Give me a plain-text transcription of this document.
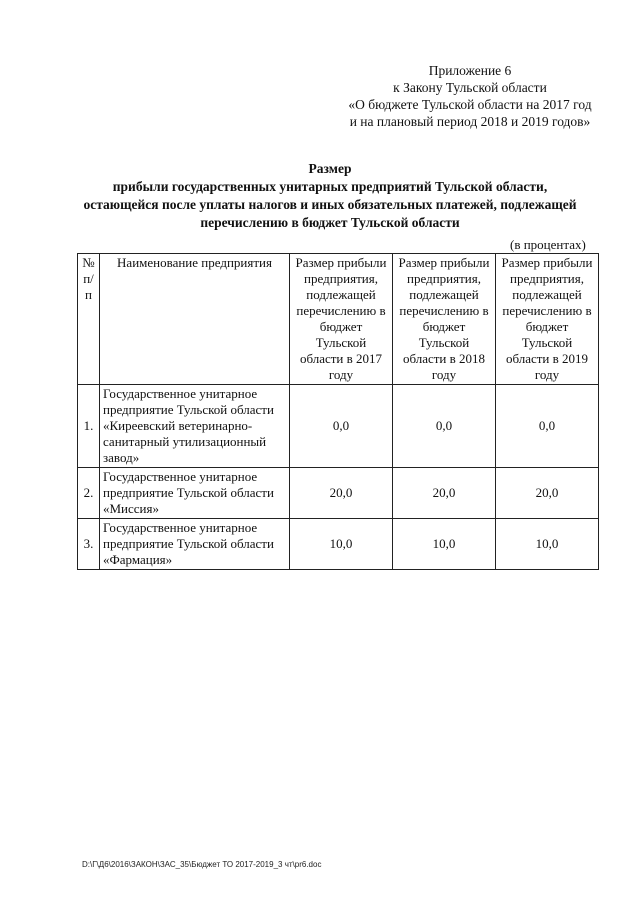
Приложение 6
к Закону Тульской области
«О бюджете Тульской области на 2017 год
и на плановый период 2018 и 2019 годов»
Размер
прибыли государственных унитарных предприятий Тульской области,
остающейся после уплаты налогов и иных обязательных платежей, подлежащей
перечислению в бюджет Тульской области
(в процентах)
№ п/п	Наименование предприятия	Размер прибыли предприятия, подлежащей перечислению в бюджет Тульской области в 2017 году	Размер прибыли предприятия, подлежащей перечислению в бюджет Тульской области в 2018 году	Размер прибыли предприятия, подлежащей перечислению в бюджет Тульской области в 2019 году
1.	Государственное унитарное предприятие Тульской области «Киреевский ветеринарно-санитарный утилизационный завод»	0,0	0,0	0,0
2.	Государственное унитарное предприятие Тульской области «Миссия»	20,0	20,0	20,0
3.	Государственное унитарное предприятие Тульской области «Фармация»	10,0	10,0	10,0
D:\Г\Д6\2016\ЗАКОН\ЗАС_35\Бюджет ТО 2017-2019_3 чт\pr6.doc
